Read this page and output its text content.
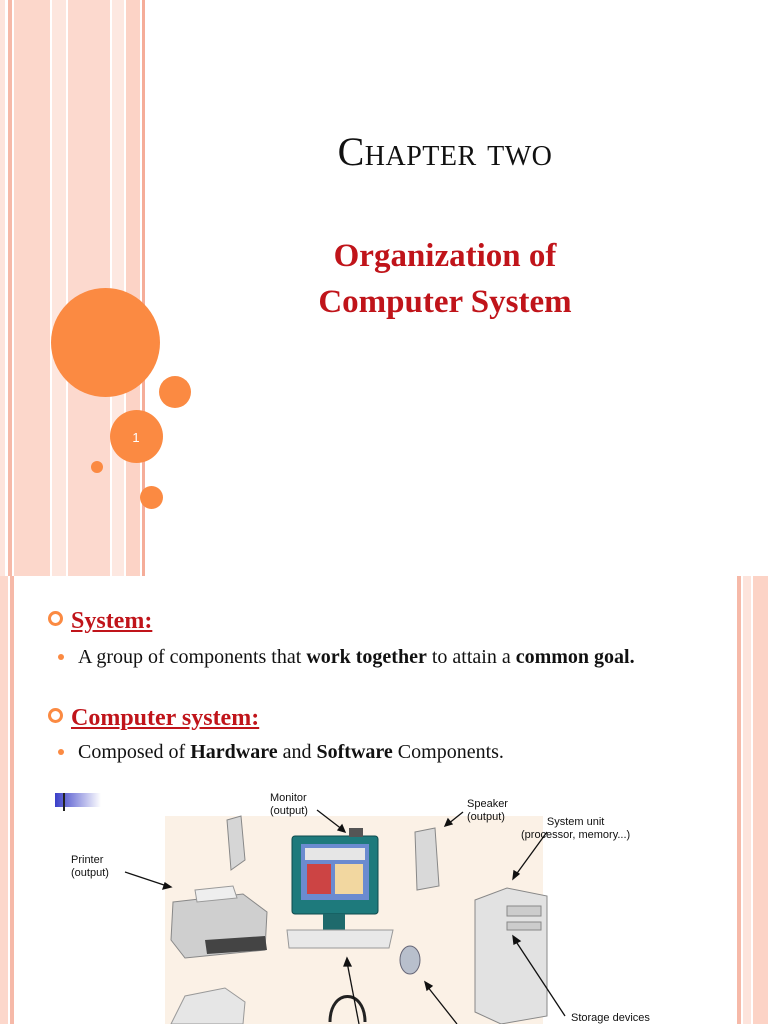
1
Chapter two
Organization of
Computer System
System:
A group of components that work together to attain a common goal.
Computer system:
Composed of Hardware and Software Components.
Monitor
(output)
Speaker
(output)	System unit
(processor, memory...)
Printer
(output)
Storage devices
